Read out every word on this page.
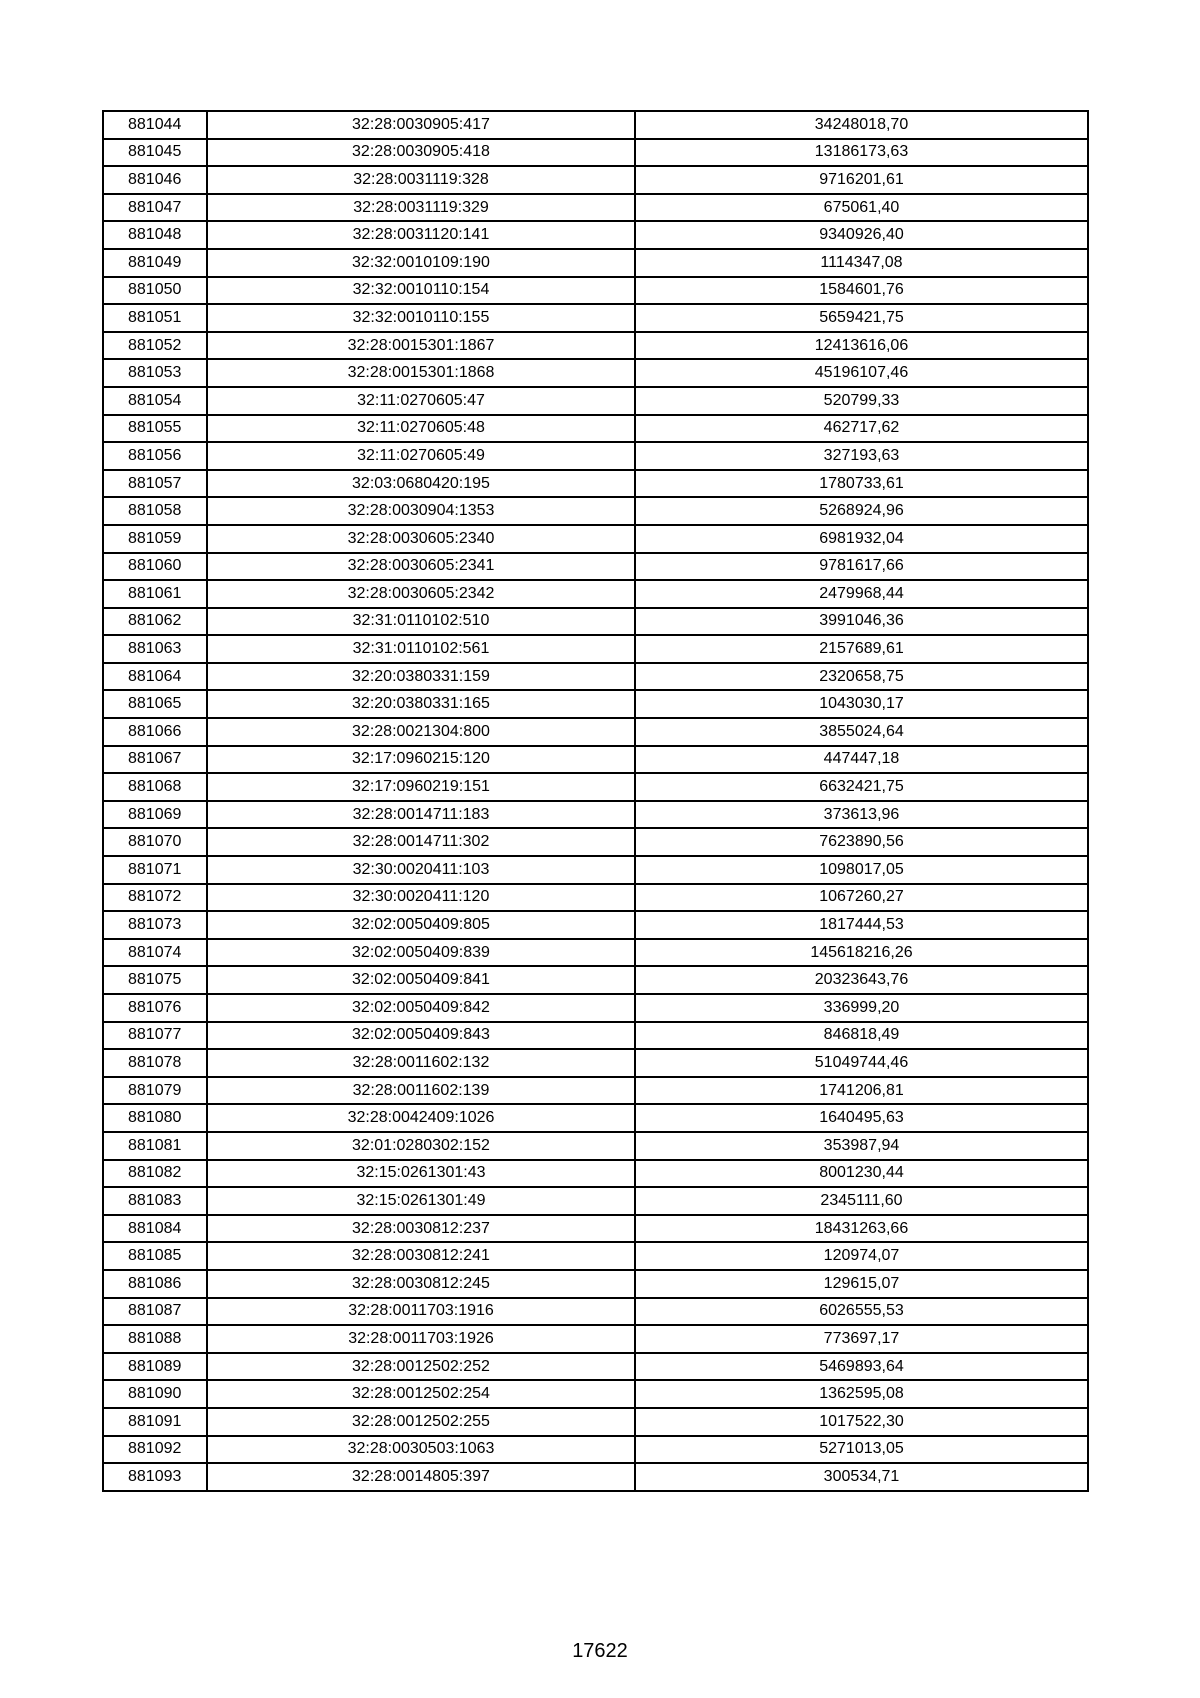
881044	32:28:0030905:417	34248018,70
881045	32:28:0030905:418	13186173,63
881046	32:28:0031119:328	9716201,61
881047	32:28:0031119:329	675061,40
881048	32:28:0031120:141	9340926,40
881049	32:32:0010109:190	1114347,08
881050	32:32:0010110:154	1584601,76
881051	32:32:0010110:155	5659421,75
881052	32:28:0015301:1867	12413616,06
881053	32:28:0015301:1868	45196107,46
881054	32:11:0270605:47	520799,33
881055	32:11:0270605:48	462717,62
881056	32:11:0270605:49	327193,63
881057	32:03:0680420:195	1780733,61
881058	32:28:0030904:1353	5268924,96
881059	32:28:0030605:2340	6981932,04
881060	32:28:0030605:2341	9781617,66
881061	32:28:0030605:2342	2479968,44
881062	32:31:0110102:510	3991046,36
881063	32:31:0110102:561	2157689,61
881064	32:20:0380331:159	2320658,75
881065	32:20:0380331:165	1043030,17
881066	32:28:0021304:800	3855024,64
881067	32:17:0960215:120	447447,18
881068	32:17:0960219:151	6632421,75
881069	32:28:0014711:183	373613,96
881070	32:28:0014711:302	7623890,56
881071	32:30:0020411:103	1098017,05
881072	32:30:0020411:120	1067260,27
881073	32:02:0050409:805	1817444,53
881074	32:02:0050409:839	145618216,26
881075	32:02:0050409:841	20323643,76
881076	32:02:0050409:842	336999,20
881077	32:02:0050409:843	846818,49
881078	32:28:0011602:132	51049744,46
881079	32:28:0011602:139	1741206,81
881080	32:28:0042409:1026	1640495,63
881081	32:01:0280302:152	353987,94
881082	32:15:0261301:43	8001230,44
881083	32:15:0261301:49	2345111,60
881084	32:28:0030812:237	18431263,66
881085	32:28:0030812:241	120974,07
881086	32:28:0030812:245	129615,07
881087	32:28:0011703:1916	6026555,53
881088	32:28:0011703:1926	773697,17
881089	32:28:0012502:252	5469893,64
881090	32:28:0012502:254	1362595,08
881091	32:28:0012502:255	1017522,30
881092	32:28:0030503:1063	5271013,05
881093	32:28:0014805:397	300534,71
17622
